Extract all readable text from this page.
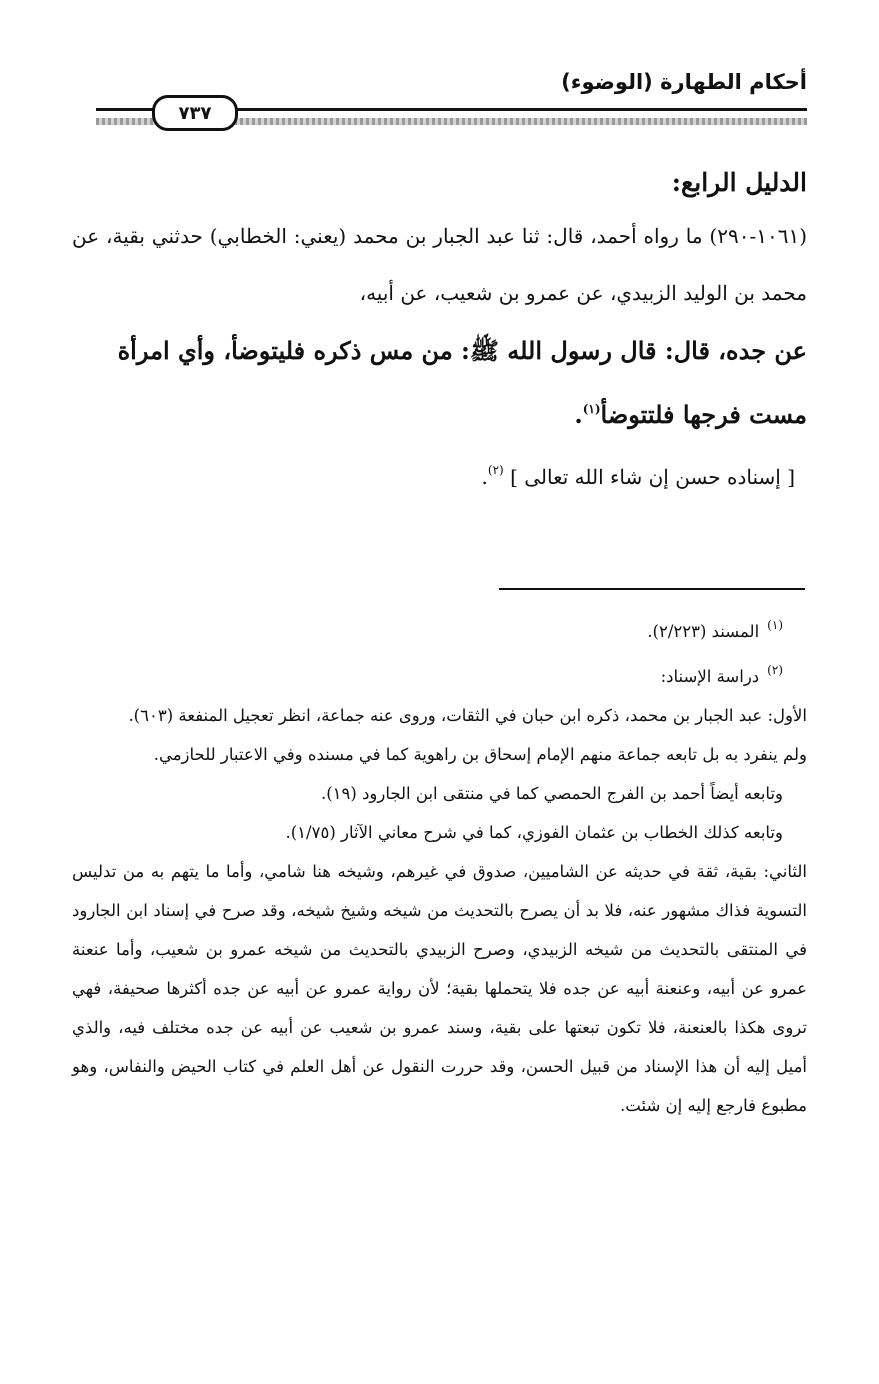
أحكام الطهارة (الوضوء)
٧٣٧

الدليل الرابع:

(١٠٦١-٢٩٠) ما رواه أحمد، قال: ثنا عبد الجبار بن محمد (يعني: الخطابي) حدثني بقية، عن محمد بن الوليد الزبيدي، عن عمرو بن شعيب، عن أبيه،

عن جده، قال: قال رسول الله ﷺ: من مس ذكره فليتوضأ، وأي امرأة مست فرجها فلتتوضأ$^{(١)}$.

[ إسناده حسن إن شاء الله تعالى ] $^{(٢)}$.

$^{(١)}$المسند (٢/٢٢٣).

$^{(٢)}$دراسة الإسناد:

الأول: عبد الجبار بن محمد، ذكره ابن حبان في الثقات، وروى عنه جماعة، انظر تعجيل المنفعة (٦٠٣).

ولم ينفرد به بل تابعه جماعة منهم الإمام إسحاق بن راهوية كما في مسنده وفي الاعتبار للحازمي.

وتابعه أيضاً أحمد بن الفرج الحمصي كما في منتقى ابن الجارود (١٩).

وتابعه كذلك الخطاب بن عثمان الفوزي، كما في شرح معاني الآثار (١/٧٥).

الثاني: بقية، ثقة في حديثه عن الشاميين، صدوق في غيرهم، وشيخه هنا شامي، وأما ما يتهم به من تدليس التسوية فذاك مشهور عنه، فلا بد أن يصرح بالتحديث من شيخه وشيخ شيخه، وقد صرح في إسناد ابن الجارود في المنتقى بالتحديث من شيخه الزبيدي، وصرح الزبيدي بالتحديث من شيخه عمرو بن شعيب، وأما عنعنة عمرو عن أبيه، وعنعنة أبيه عن جده فلا يتحملها بقية؛ لأن رواية عمرو عن أبيه عن جده أكثرها صحيفة، فهي تروى هكذا بالعنعنة، فلا تكون تبعتها على بقية، وسند عمرو بن شعيب عن أبيه عن جده مختلف فيه، والذي أميل إليه أن هذا الإسناد من قبيل الحسن، وقد حررت النقول عن أهل العلم في كتاب الحيض والنفاس، وهو مطبوع فارجع إليه إن شئت.
